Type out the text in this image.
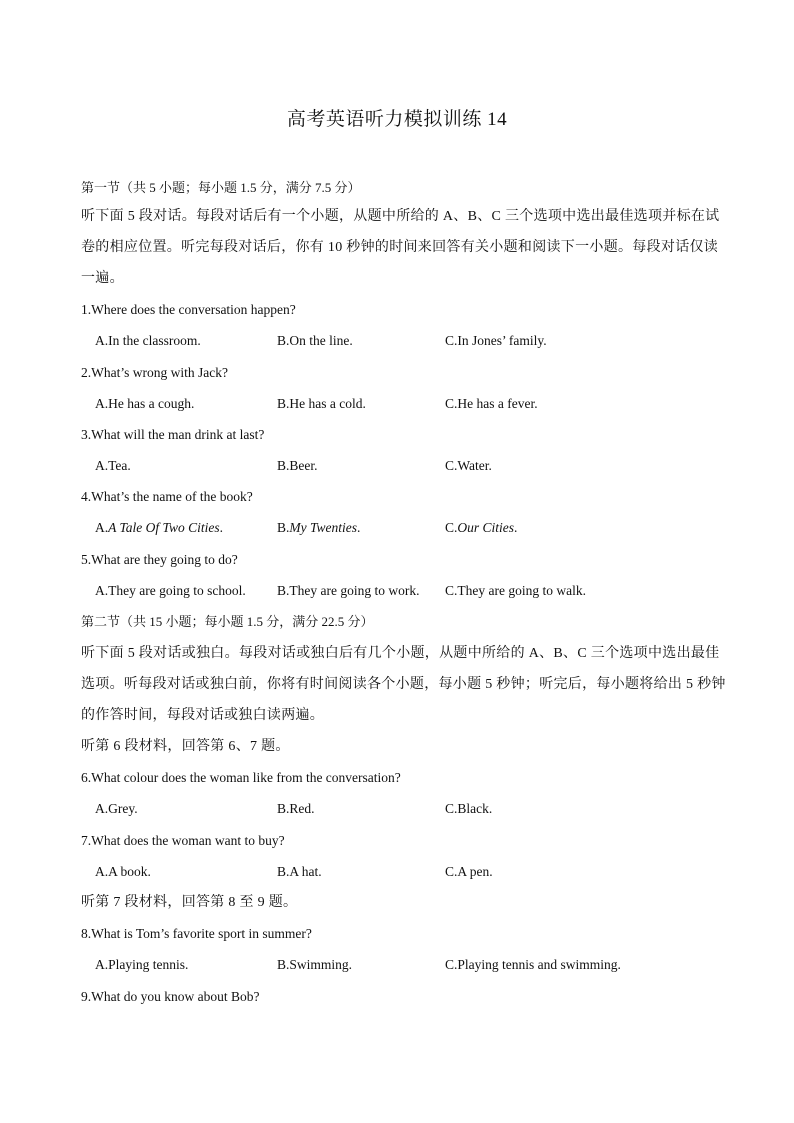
高考英语听力模拟训练 14
第一节（共 5 小题；每小题 1.5 分，满分 7.5 分）
听下面 5 段对话。每段对话后有一个小题，从题中所给的 A、B、C 三个选项中选出最佳选项并标在试
卷的相应位置。听完每段对话后，你有 10 秒钟的时间来回答有关小题和阅读下一小题。每段对话仅读
一遍。
1.Where does the conversation happen?
A.In the classroom.	B.On the line.	C.In Jones’ family.
2.What’s wrong with Jack?
A.He has a cough.	B.He has a cold.	C.He has a fever.
3.What will the man drink at last?
A.Tea.	B.Beer.	C.Water.
4.What’s the name of the book?
A.A Tale Of Two Cities.	B.My Twenties.	C.Our Cities.
5.What are they going to do?
A.They are going to school. B.They are going to work. C.They are going to walk.
第二节（共 15 小题；每小题 1.5 分，满分 22.5 分）
听下面 5 段对话或独白。每段对话或独白后有几个小题，从题中所给的 A、B、C 三个选项中选出最佳
选项。听每段对话或独白前，你将有时间阅读各个小题，每小题 5 秒钟；听完后，每小题将给出 5 秒钟
的作答时间，每段对话或独白读两遍。
听第 6 段材料，回答第 6、7 题。
6.What colour does the woman like from the conversation?
A.Grey.	B.Red.	C.Black.
7.What does the woman want to buy?
A.A book.	B.A hat.	C.A pen.
听第 7 段材料，回答第 8 至 9 题。
8.What is Tom’s favorite sport in summer?
A.Playing tennis.	B.Swimming.	C.Playing tennis and swimming.
9.What do you know about Bob?
